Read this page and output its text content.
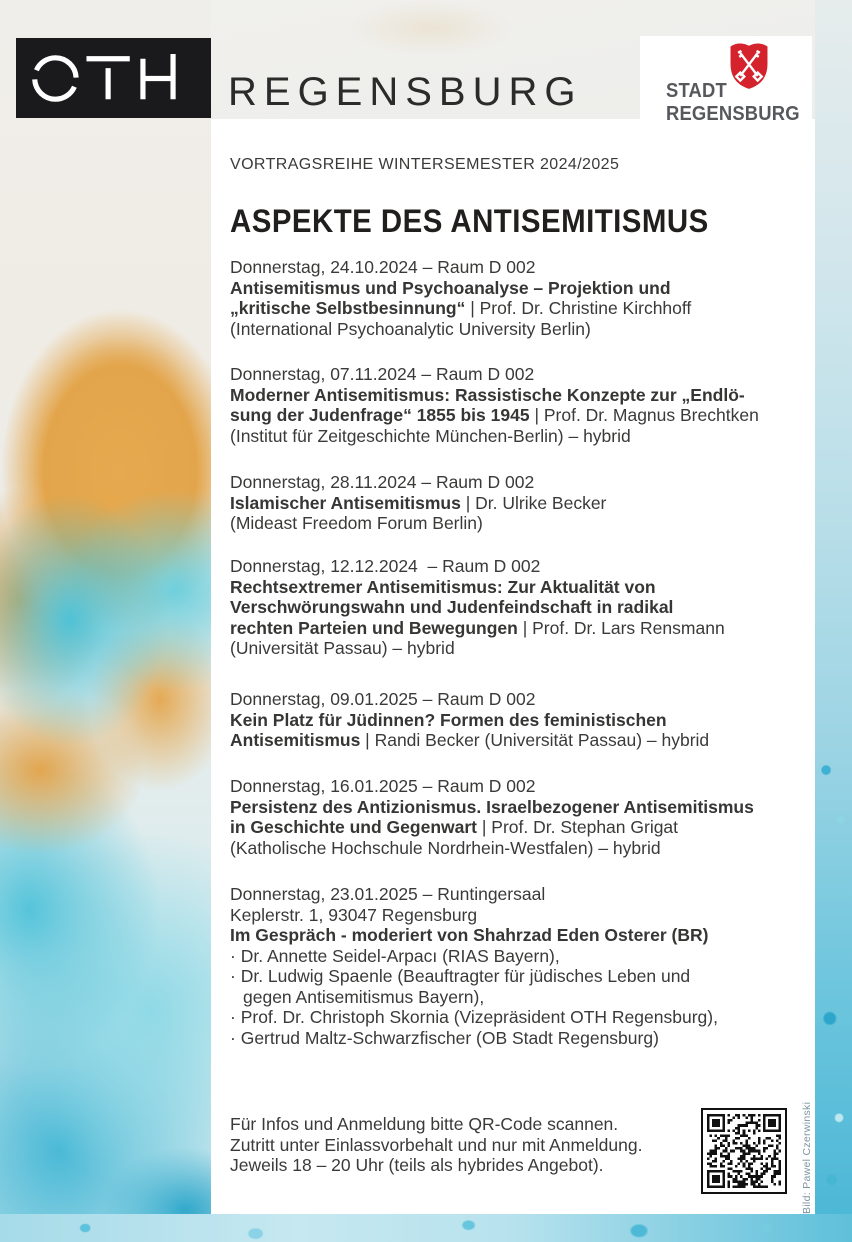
REGENSBURG	STADT
REGENSBURG
VORTRAGSREIHE WINTERSEMESTER 2024/2025
ASPEKTE DES ANTISEMITISMUS
Donnerstag, 24.10.2024 – Raum D 002
Antisemitismus und Psychoanalyse – Projektion und
„kritische Selbstbesinnung“ | Prof. Dr. Christine Kirchhoff
(International Psychoanalytic University Berlin)
Donnerstag, 07.11.2024 – Raum D 002
Moderner Antisemitismus: Rassistische Konzepte zur „Endlö-
sung der Judenfrage“ 1855 bis 1945 | Prof. Dr. Magnus Brechtken
(Institut für Zeitgeschichte München-Berlin) – hybrid
Donnerstag, 28.11.2024 – Raum D 002
Islamischer Antisemitismus | Dr. Ulrike Becker
(Mideast Freedom Forum Berlin)
Donnerstag, 12.12.2024  – Raum D 002
Rechtsextremer Antisemitismus: Zur Aktualität von
Verschwörungswahn und Judenfeindschaft in radikal
rechten Parteien und Bewegungen | Prof. Dr. Lars Rensmann
(Universität Passau) – hybrid
Donnerstag, 09.01.2025 – Raum D 002
Kein Platz für Jüdinnen? Formen des feministischen
Antisemitismus | Randi Becker (Universität Passau) – hybrid
Donnerstag, 16.01.2025 – Raum D 002
Persistenz des Antizionismus. Israelbezogener Antisemitismus
in Geschichte und Gegenwart | Prof. Dr. Stephan Grigat
(Katholische Hochschule Nordrhein-Westfalen) – hybrid
Donnerstag, 23.01.2025 – Runtingersaal
Keplerstr. 1, 93047 Regensburg
Im Gespräch - moderiert von Shahrzad Eden Osterer (BR)
· Dr. Annette Seidel-Arpacı (RIAS Bayern),
· Dr. Ludwig Spaenle (Beauftragter für jüdisches Leben und
gegen Antisemitismus Bayern),
· Prof. Dr. Christoph Skornia (Vizepräsident OTH Regensburg),
· Gertrud Maltz-Schwarzfischer (OB Stadt Regensburg)
Für Infos und Anmeldung bitte QR-Code scannen.
Zutritt unter Einlassvorbehalt und nur mit Anmeldung.
Jeweils 18 – 20 Uhr (teils als hybrides Angebot).	Bild: Pawel Czerwinski
